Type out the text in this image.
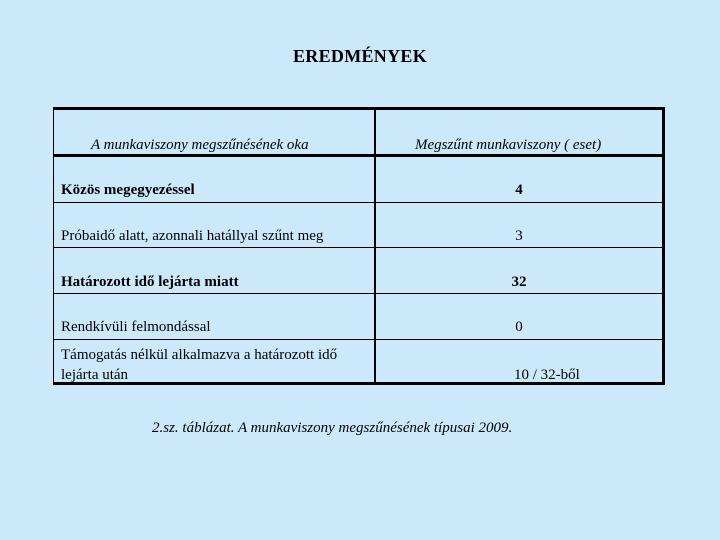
EREDMÉNYEK
A munkaviszony megszűnésének oka	Megszűnt munkaviszony ( eset)
Közös megegyezéssel	4
Próbaidő alatt, azonnali hatállyal szűnt meg	3
Határozott idő lejárta miatt	32
Rendkívüli felmondással	0
Támogatás nélkül alkalmazva a határozott idő
lejárta után	10 / 32-ből
2.sz. táblázat. A munkaviszony megszűnésének típusai 2009.
